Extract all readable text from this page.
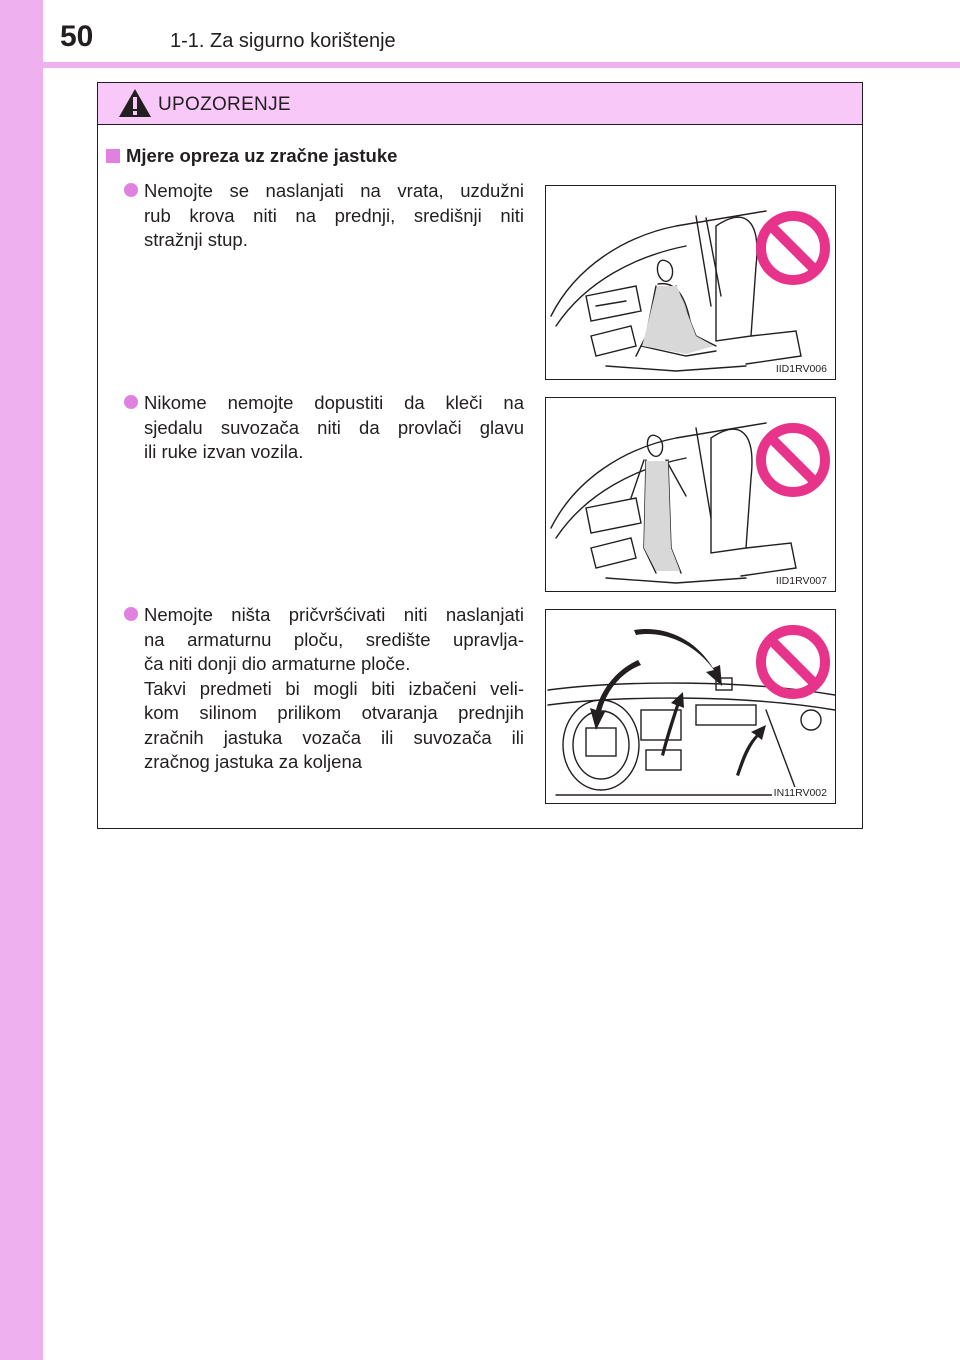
50	1-1. Za sigurno korištenje
UPOZORENJE
Mjere opreza uz zračne jastuke

Nemojte se naslanjati na vrata, uzdužni

rub krova niti na prednji, središnji niti

stražnji stup.

IID1RV006

Nikome nemojte dopustiti da kleči na

sjedalu suvozača niti da provlači glavu

ili ruke izvan vozila.

IID1RV007

Nemojte ništa pričvršćivati niti naslanjati

na armaturnu ploču, središte upravlja-

ča niti donji dio armaturne ploče.

Takvi predmeti bi mogli biti izbačeni veli-

kom silinom prilikom otvaranja prednjih

zračnih jastuka vozača ili suvozača ili

zračnog jastuka za koljena

IN11RV002
